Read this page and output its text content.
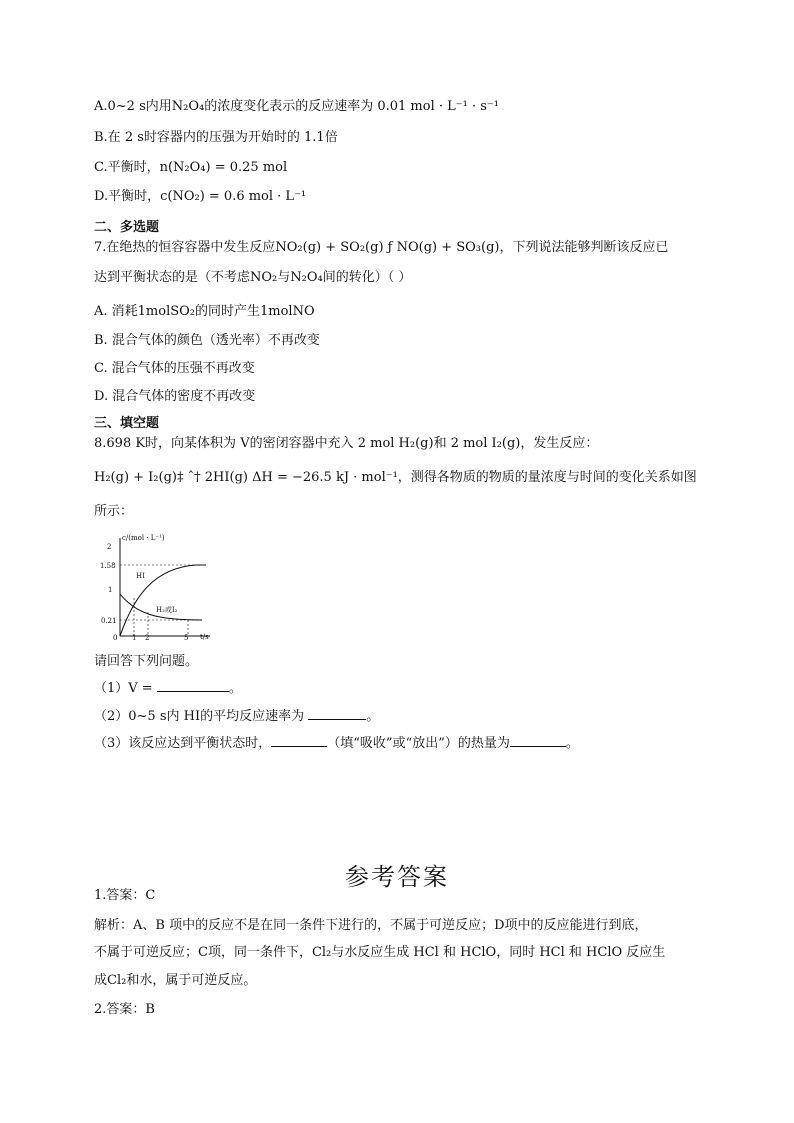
A.0~2 s内用N₂O₄的浓度变化表示的反应速率为 0.01 mol · L⁻¹ · s⁻¹
B.在 2 s时容器内的压强为开始时的 1.1倍
C.平衡时，n(N₂O₄) = 0.25 mol
D.平衡时，c(NO₂) = 0.6 mol · L⁻¹
二、多选题
7.在绝热的恒容容器中发生反应NO₂(g) + SO₂(g) ƒ NO(g) + SO₃(g)，下列说法能够判断该反应已
达到平衡状态的是（不考虑NO₂与N₂O₄间的转化）（ ）
A. 消耗1molSO₂的同时产生1molNO
B. 混合气体的颜色（透光率）不再改变
C. 混合气体的压强不再改变
D. 混合气体的密度不再改变
三、填空题
8.698 K时，向某体积为 V的密闭容器中充入 2 mol H₂(g)和 2 mol I₂(g)，发生反应：
H₂(g) + I₂(g)‡ ˆ† 2HI(g) ΔH = −26.5 kJ · mol⁻¹，测得各物质的物质的量浓度与时间的变化关系如图
所示：
c/(mol · L⁻¹)
t/s
2
1.58
1
0.21
0 1 2	5
HI
H₂或I₂
请回答下列问题。
（1）V =	。
（2）0~5 s内 HI的平均反应速率为	。
（3）该反应达到平衡状态时，	（填“吸收”或“放出”）的热量为	。
参考答案
1.答案：C
解析：A、B 项中的反应不是在同一条件下进行的，不属于可逆反应；D项中的反应能进行到底，
不属于可逆反应；C项，同一条件下，Cl₂与水反应生成 HCl 和 HClO，同时 HCl 和 HClO 反应生
成Cl₂和水，属于可逆反应。
2.答案：B
